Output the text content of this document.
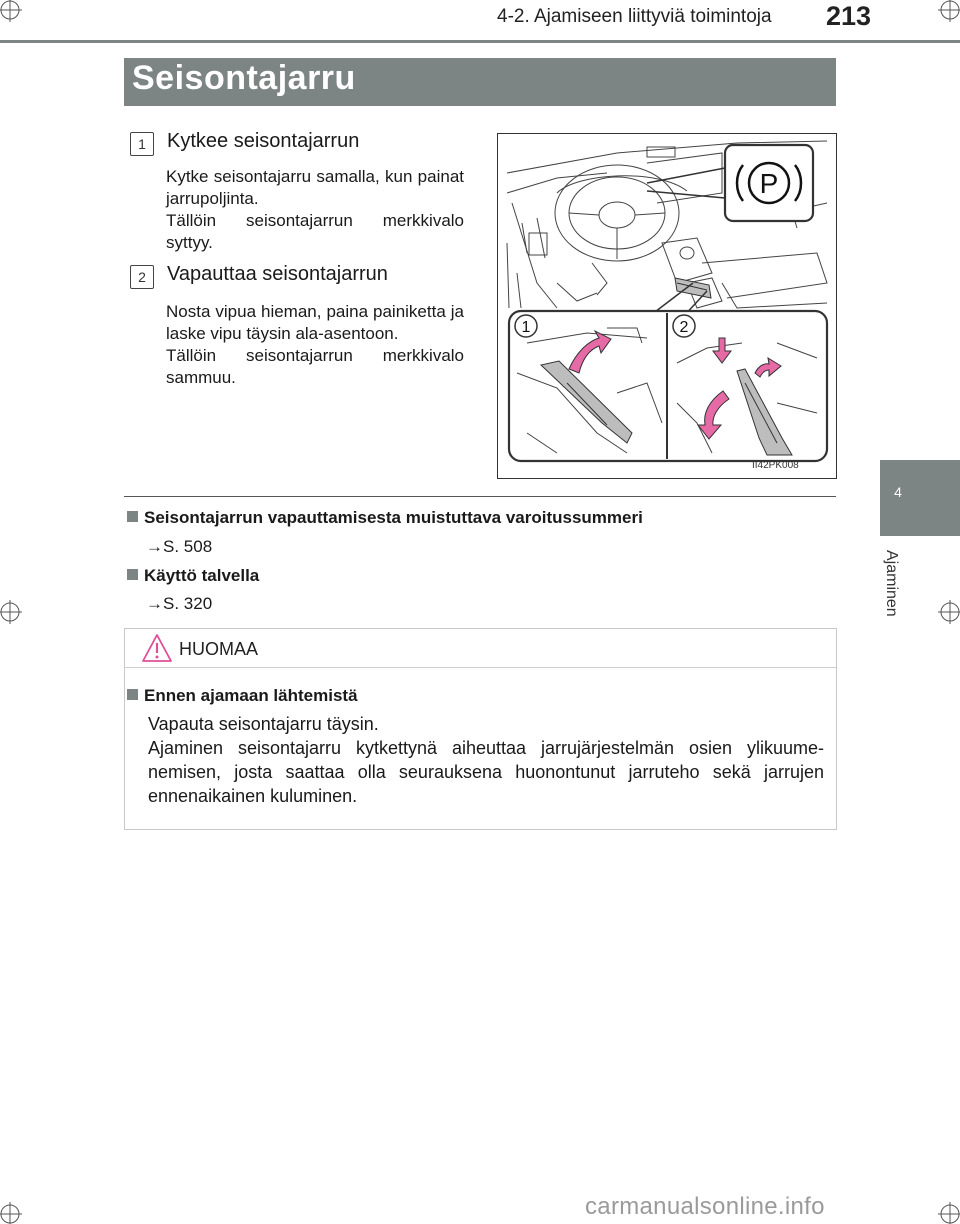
4-2. Ajamiseen liittyviä toimintoja 213
4
Ajaminen
Seisontajarru
1	Kytkee seisontajarrun
Kytke seisontajarru samalla, kun painat jarrupoljinta.
Tällöin seisontajarrun merkkivalo syttyy.
2	Vapauttaa seisontajarrun
Nosta vipua hieman, paina painiketta ja laske vipu täysin ala-asentoon.
Tällöin seisontajarrun merkkivalo sammuu.
P
1	2
II42PK008
Seisontajarrun vapauttamisesta muistuttava varoitussummeri
→S. 508
Käyttö talvella
→S. 320
HUOMAA
Ennen ajamaan lähtemistä
Vapauta seisontajarru täysin.
Ajaminen seisontajarru kytkettynä aiheuttaa jarrujärjestelmän osien ylikuume-nemisen, josta saattaa olla seurauksena huonontunut jarruteho sekä jarrujen ennenaikainen kuluminen.
carmanualsonline.info
